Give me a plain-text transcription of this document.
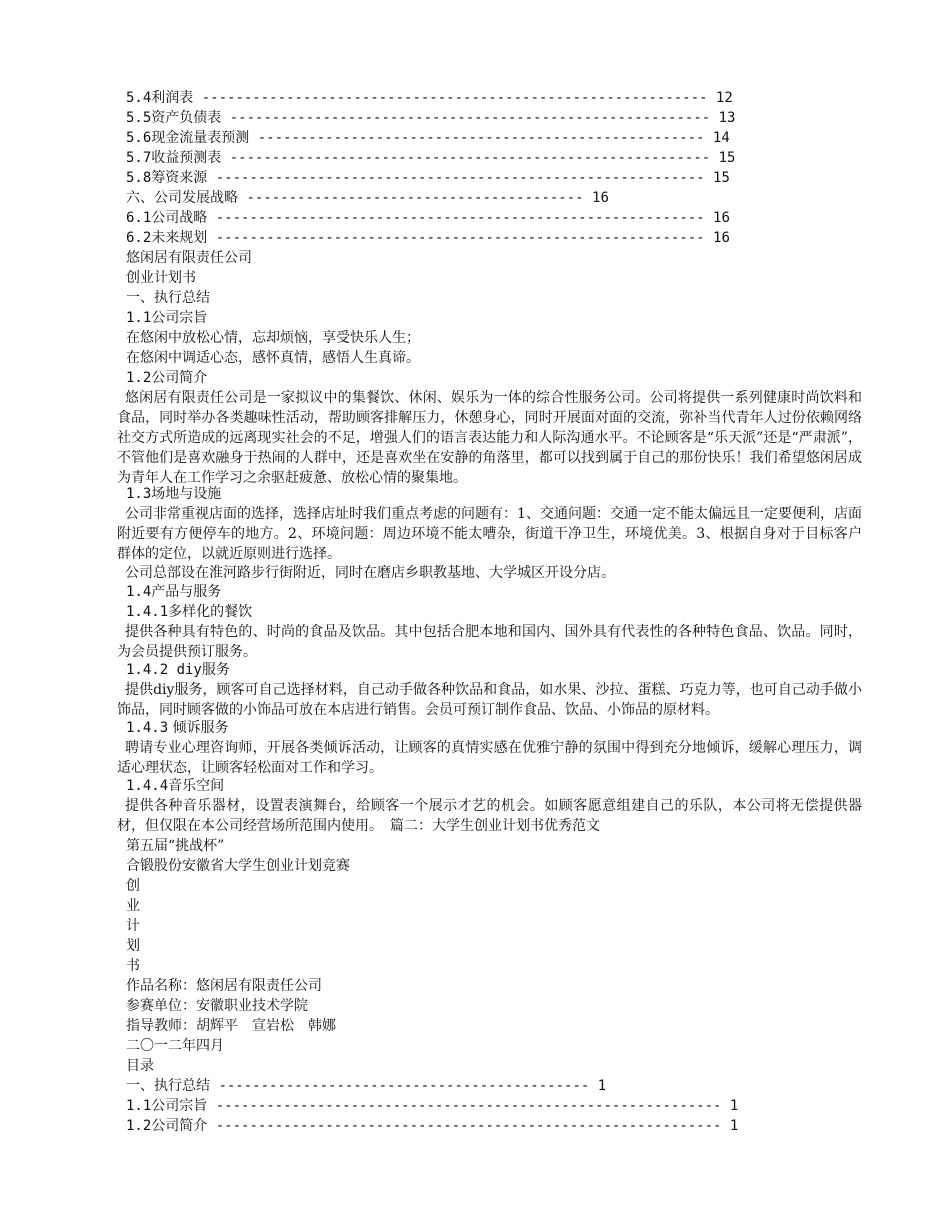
5.4利润表 ------------------------------------------------------------ 12
5.5资产负债表 --------------------------------------------------------- 13
5.6现金流量表预测 ----------------------------------------------------- 14
5.7收益预测表 --------------------------------------------------------- 15
5.8筹资来源 ---------------------------------------------------------- 15
六、公司发展战略 ---------------------------------------- 16
6.1公司战略 ---------------------------------------------------------- 16
6.2未来规划 ---------------------------------------------------------- 16
悠闲居有限责任公司
创业计划书
一、执行总结
1.1公司宗旨
在悠闲中放松心情，忘却烦恼，享受快乐人生；
在悠闲中调适心态，感怀真情，感悟人生真谛。
1.2公司简介
悠闲居有限责任公司是一家拟议中的集餐饮、休闲、娱乐为一体的综合性服务公司。公司将提供一系列健康时尚饮料和食品，同时举办各类趣味性活动，帮助顾客排解压力，休憩身心，同时开展面对面的交流，弥补当代青年人过份依赖网络社交方式所造成的远离现实社会的不足，增强人们的语言表达能力和人际沟通水平。不论顾客是“乐天派”还是“严肃派”，不管他们是喜欢融身于热闹的人群中，还是喜欢坐在安静的角落里，都可以找到属于自己的那份快乐！我们希望悠闲居成为青年人在工作学习之余驱赶疲惫、放松心情的聚集地。
1.3场地与设施
公司非常重视店面的选择，选择店址时我们重点考虑的问题有：1、交通问题：交通一定不能太偏远且一定要便利，店面附近要有方便停车的地方。2、环境问题：周边环境不能太嘈杂，街道干净卫生，环境优美。3、根据自身对于目标客户群体的定位，以就近原则进行选择。
公司总部设在淮河路步行街附近，同时在磨店乡职教基地、大学城区开设分店。
1.4产品与服务
1.4.1多样化的餐饮
提供各种具有特色的、时尚的食品及饮品。其中包括合肥本地和国内、国外具有代表性的各种特色食品、饮品。同时，为会员提供预订服务。
1.4.2 diy服务
提供diy服务，顾客可自己选择材料，自己动手做各种饮品和食品，如水果、沙拉、蛋糕、巧克力等，也可自己动手做小饰品，同时顾客做的小饰品可放在本店进行销售。会员可预订制作食品、饮品、小饰品的原材料。
1.4.3 倾诉服务
聘请专业心理咨询师，开展各类倾诉活动，让顾客的真情实感在优雅宁静的氛围中得到充分地倾诉，缓解心理压力，调适心理状态，让顾客轻松面对工作和学习。
1.4.4音乐空间
提供各种音乐器材，设置表演舞台，给顾客一个展示才艺的机会。如顾客愿意组建自己的乐队，本公司将无偿提供器材，但仅限在本公司经营场所范围内使用。　篇二：大学生创业计划书优秀范文
第五届“挑战杯”
合锻股份安徽省大学生创业计划竞赛
创
业
计
划
书
作品名称：悠闲居有限责任公司
参赛单位：安徽职业技术学院
指导教师：胡辉平　宣岩松　韩娜
二〇一二年四月
目录
一、执行总结 -------------------------------------------- 1
1.1公司宗旨 ------------------------------------------------------------ 1
1.2公司简介 ------------------------------------------------------------ 1
